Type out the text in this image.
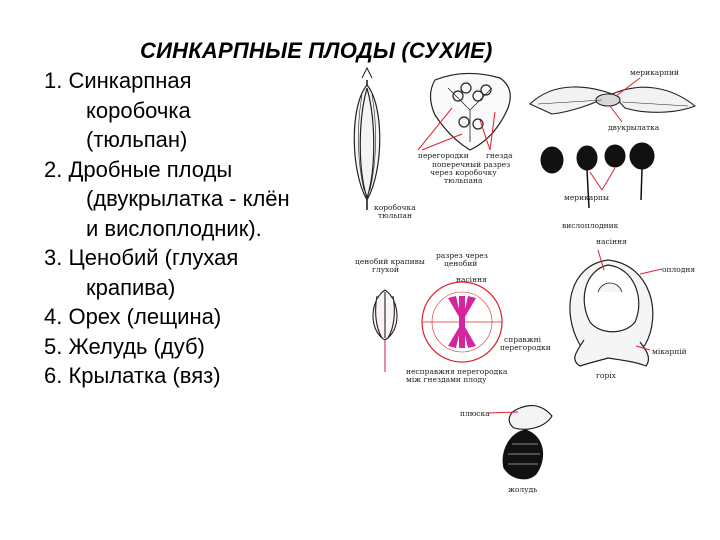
СИНКАРПНЫЕ ПЛОДЫ (СУХИЕ)
1. Синкарпная
коробочка
(тюльпан)
2. Дробные плоды
(двукрылатка - клён
и вислоплодник).
3. Ценобий (глухая
крапива)
4. Орех (лещина)
5. Желудь (дуб)
6. Крылатка (вяз)
коробочка
тюльпан
перегородки гнезда
поперечный разрез
через коробочку
тюльпана
мерикарпий
двукрылатка
мерикарпы
вислоплодник
ценобий крапивы
глухой
разрез через
ценобий
насіння
справжні
перегородки
несправжня перегородка
між гнездами плоду
насіння
оплодня
мікарпій
горіх
плюска
жолудь
